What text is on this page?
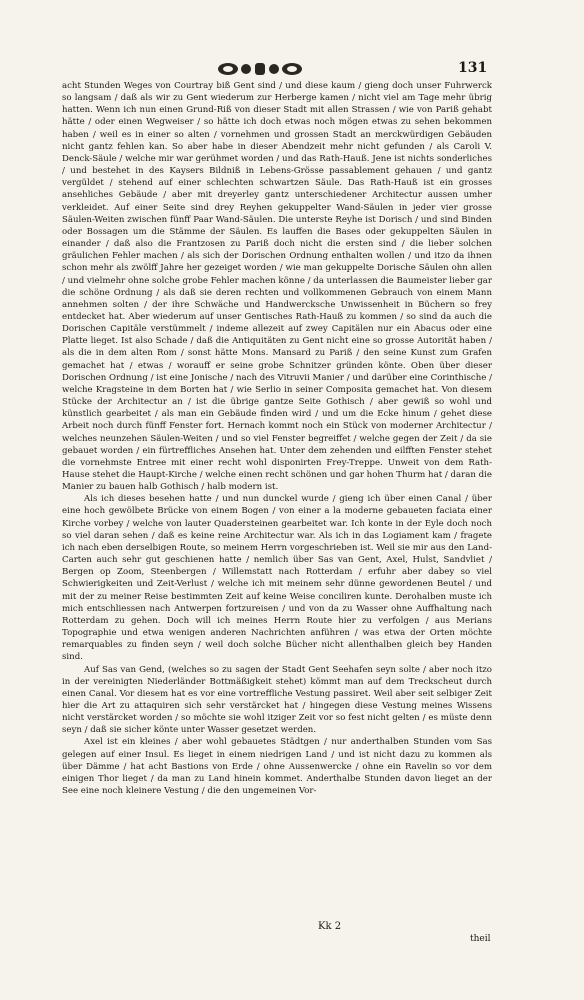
131

acht Stunden Weges von Courtray biß Gent sind / und diese kaum / gieng doch unser Fuhrwerck so langsam / daß als wir zu Gent wiederum zur Herberge kamen / nicht viel am Tage mehr übrig hatten. Wenn ich nun einen Grund-Riß von dieser Stadt mit allen Strassen / wie von Pariß gehabt hätte / oder einen Wegweiser / so hätte ich doch etwas noch mögen etwas zu sehen bekommen haben / weil es in einer so alten / vornehmen und grossen Stadt an merckwürdigen Gebäuden nicht gantz fehlen kan. So aber habe in dieser Abendzeit mehr nicht gefunden / als Caroli V. Denck-Säule / welche mir war gerühmet worden / und das Rath-Hauß. Jene ist nichts sonderliches / und bestehet in des Kaysers Bildniß in Lebens-Grösse passablement gehauen / und gantz vergüldet / stehend auf einer schlechten schwartzen Säule. Das Rath-Hauß ist ein grosses ansehliches Gebäude / aber mit dreyerley gantz unterschiedener Architectur aussen umher verkleidet. Auf einer Seite sind drey Reyhen gekuppelter Wand-Säulen in jeder vier grosse Säulen-Weiten zwischen fünff Paar Wand-Säulen. Die unterste Reyhe ist Dorisch / und sind Binden oder Bossagen um die Stämme der Säulen. Es lauffen die Bases oder gekuppelten Säulen in einander / daß also die Frantzosen zu Pariß doch nicht die ersten sind / die lieber solchen gräulichen Fehler machen / als sich der Dorischen Ordnung enthalten wollen / und itzo da ihnen schon mehr als zwölff Jahre her gezeiget worden / wie man gekuppelte Dorische Säulen ohn allen / und vielmehr ohne solche grobe Fehler machen könne / da unterlassen die Baumeister lieber gar die schöne Ordnung / als daß sie deren rechten und vollkommenen Gebrauch von einem Mann annehmen solten / der ihre Schwäche und Handwercksche Unwissenheit in Büchern so frey entdecket hat. Aber wiederum auf unser Gentisches Rath-Hauß zu kommen / so sind da auch die Dorischen Capitäle verstümmelt / indeme allezeit auf zwey Capitälen nur ein Abacus oder eine Platte lieget. Ist also Schade / daß die Antiquitäten zu Gent nicht eine so grosse Autorität haben / als die in dem alten Rom / sonst hätte Mons. Mansard zu Pariß / den seine Kunst zum Grafen gemachet hat / etwas / worauff er seine grobe Schnitzer gründen könte. Oben über dieser Dorischen Ordnung / ist eine Jonische / nach des Vitruvii Manier / und darüber eine Corinthische / welche Kragsteine in dem Borten hat / wie Serlio in seiner Composita gemachet hat. Von diesem Stücke der Architectur an / ist die übrige gantze Seite Gothisch / aber gewiß so wohl und künstlich gearbeitet / als man ein Gebäude finden wird / und um die Ecke hinum / gehet diese Arbeit noch durch fünff Fenster fort. Hernach kommt noch ein Stück von moderner Architectur / welches neunzehen Säulen-Weiten / und so viel Fenster begreiffet / welche gegen der Zeit / da sie gebauet worden / ein fürtreffliches Ansehen hat. Unter dem zehenden und eilfften Fenster stehet die vornehmste Entree mit einer recht wohl disponirten Frey-Treppe. Unweit von dem Rath-Hause stehet die Haupt-Kirche / welche einen recht schönen und gar hohen Thurm hat / daran die Manier zu bauen halb Gothisch / halb modern ist.

Als ich dieses besehen hatte / und nun dunckel wurde / gieng ich über einen Canal / über eine hoch gewölbete Brücke von einem Bogen / von einer a la moderne gebaueten faciata einer Kirche vorbey / welche von lauter Quadersteinen gearbeitet war. Ich konte in der Eyle doch noch so viel daran sehen / daß es keine reine Architectur war. Als ich in das Logiament kam / fragete ich nach eben derselbigen Route, so meinem Herrn vorgeschrieben ist. Weil sie mir aus den Land-Carten auch sehr gut geschienen hatte / nemlich über Sas van Gent, Axel, Hulst, Sandvliet / Bergen op Zoom, Steenbergen / Willemstatt nach Rotterdam / erfuhr aber dabey so viel Schwierigkeiten und Zeit-Verlust / welche ich mit meinem sehr dünne gewordenen Beutel / und mit der zu meiner Reise bestimmten Zeit auf keine Weise conciliren kunte. Derohalben muste ich mich entschliessen nach Antwerpen fortzureisen / und von da zu Wasser ohne Auffhaltung nach Rotterdam zu gehen. Doch will ich meines Herrn Route hier zu verfolgen / aus Merians Topographie und etwa wenigen anderen Nachrichten anführen / was etwa der Orten möchte remarquables zu finden seyn / weil doch solche Bücher nicht allenthalben gleich bey Handen sind.

Auf Sas van Gend, (welches so zu sagen der Stadt Gent Seehafen seyn solte / aber noch itzo in der vereinigten Niederländer Bottmäßigkeit stehet) kömmt man auf dem Treckscheut durch einen Canal. Vor diesem hat es vor eine vortreffliche Vestung passiret. Weil aber seit selbiger Zeit hier die Art zu attaquiren sich sehr verstärcket hat / hingegen diese Vestung meines Wissens nicht verstärcket worden / so möchte sie wohl itziger Zeit vor so fest nicht gelten / es müste denn seyn / daß sie sicher könte unter Wasser gesetzet werden.

Axel ist ein kleines / aber wohl gebauetes Städtgen / nur anderthalben Stunden vom Sas gelegen auf einer Insul. Es lieget in einem niedrigen Land / und ist nicht dazu zu kommen als über Dämme / hat acht Bastions von Erde / ohne Aussenwercke / ohne ein Ravelin so vor dem einigen Thor lieget / da man zu Land hinein kommet. Anderthalbe Stunden davon lieget an der See eine noch kleinere Vestung / die den ungemeinen Vor-

Kk 2
theil
